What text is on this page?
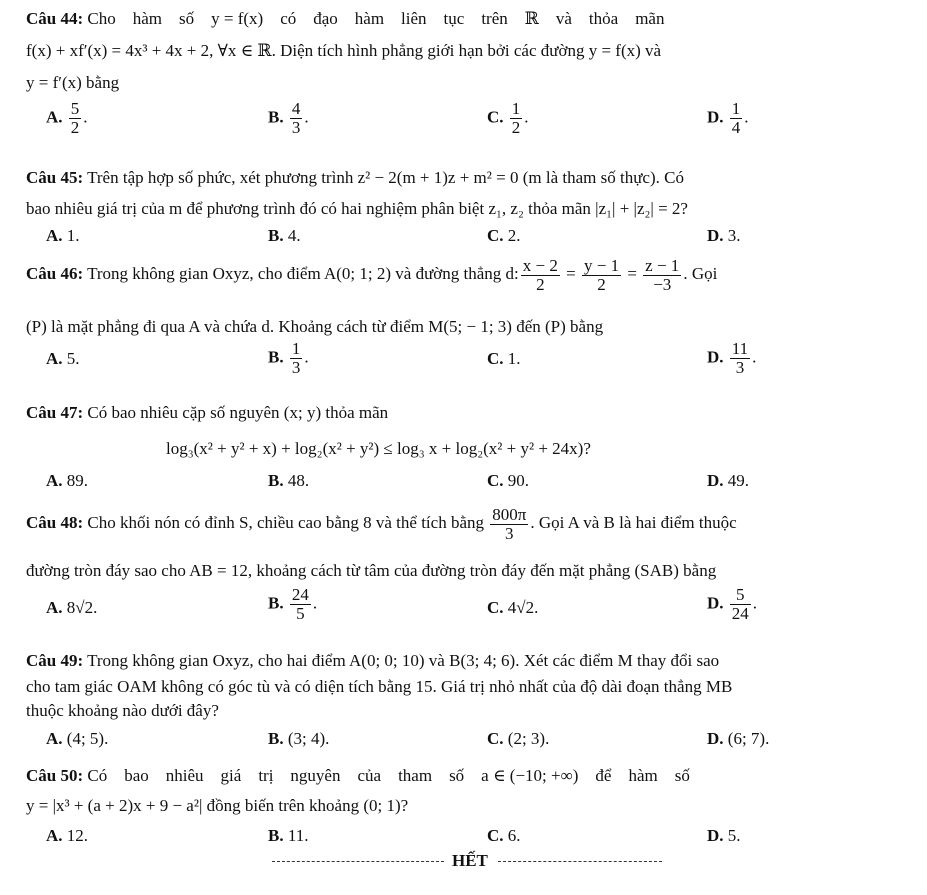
Câu 44: Cho    hàm    số    y = f(x)    có    đạo    hàm    liên    tục    trên    ℝ    và    thỏa    mãn
f(x) + xf′(x) = 4x³ + 4x + 2, ∀x ∈ ℝ. Diện tích hình phẳng giới hạn bởi các đường y = f(x) và
y = f′(x) bằng
A. $\frac{5}{2}$ .	B. $\frac{4}{3}$ .	C. $\frac{1}{2}$ .	D. $\frac{1}{4}$ .
Câu 45: Trên tập hợp số phức, xét phương trình z² − 2(m + 1)z + m² = 0 (m là tham số thực). Có
bao nhiêu giá trị của m để phương trình đó có hai nghiệm phân biệt z₁, z₂ thỏa mãn |z₁| + |z₂| = 2?
A. 1.	B. 4.	C. 2.	D. 3.
Câu 46: Trong không gian Oxyz, cho điểm A(0; 1; 2) và đường thẳng d: $\frac{x - 2}{2} = \frac{y - 1}{2} = \frac{z - 1}{-3}$ . Gọi
(P) là mặt phẳng đi qua A và chứa d. Khoảng cách từ điểm M(5; − 1; 3) đến (P) bằng
A. 5.	B. $\frac{1}{3}$ .	C. 1.	D. $\frac{11}{3}$ .
Câu 47: Có bao nhiêu cặp số nguyên (x; y) thỏa mãn
log₃(x² + y² + x) + log₂(x² + y²) ≤ log₃ x + log₂(x² + y² + 24x)?
A. 89.	B. 48.	C. 90.	D. 49.
Câu 48: Cho khối nón có đỉnh S, chiều cao bằng 8 và thể tích bằng $\frac{800\pi}{3}$ . Gọi A và B là hai điểm thuộc
đường tròn đáy sao cho AB = 12, khoảng cách từ tâm của đường tròn đáy đến mặt phẳng (SAB) bằng
A. 8√2.	B. $\frac{24}{5}$ .	C. 4√2.	D. $\frac{5}{24}$ .
Câu 49: Trong không gian Oxyz, cho hai điểm A(0; 0; 10) và B(3; 4; 6). Xét các điểm M thay đổi sao
cho tam giác OAM không có góc tù và có diện tích bằng 15. Giá trị nhỏ nhất của độ dài đoạn thẳng MB
thuộc khoảng nào dưới đây?
A. (4; 5).	B. (3; 4).	C. (2; 3).	D. (6; 7).
Câu 50: Có    bao    nhiêu    giá    trị    nguyên    của    tham    số    a ∈ (−10; +∞)    để    hàm    số
y = |x³ + (a + 2)x + 9 − a²| đồng biến trên khoảng (0; 1)?
A. 12.	B. 11.	C. 6.	D. 5.
HẾT
